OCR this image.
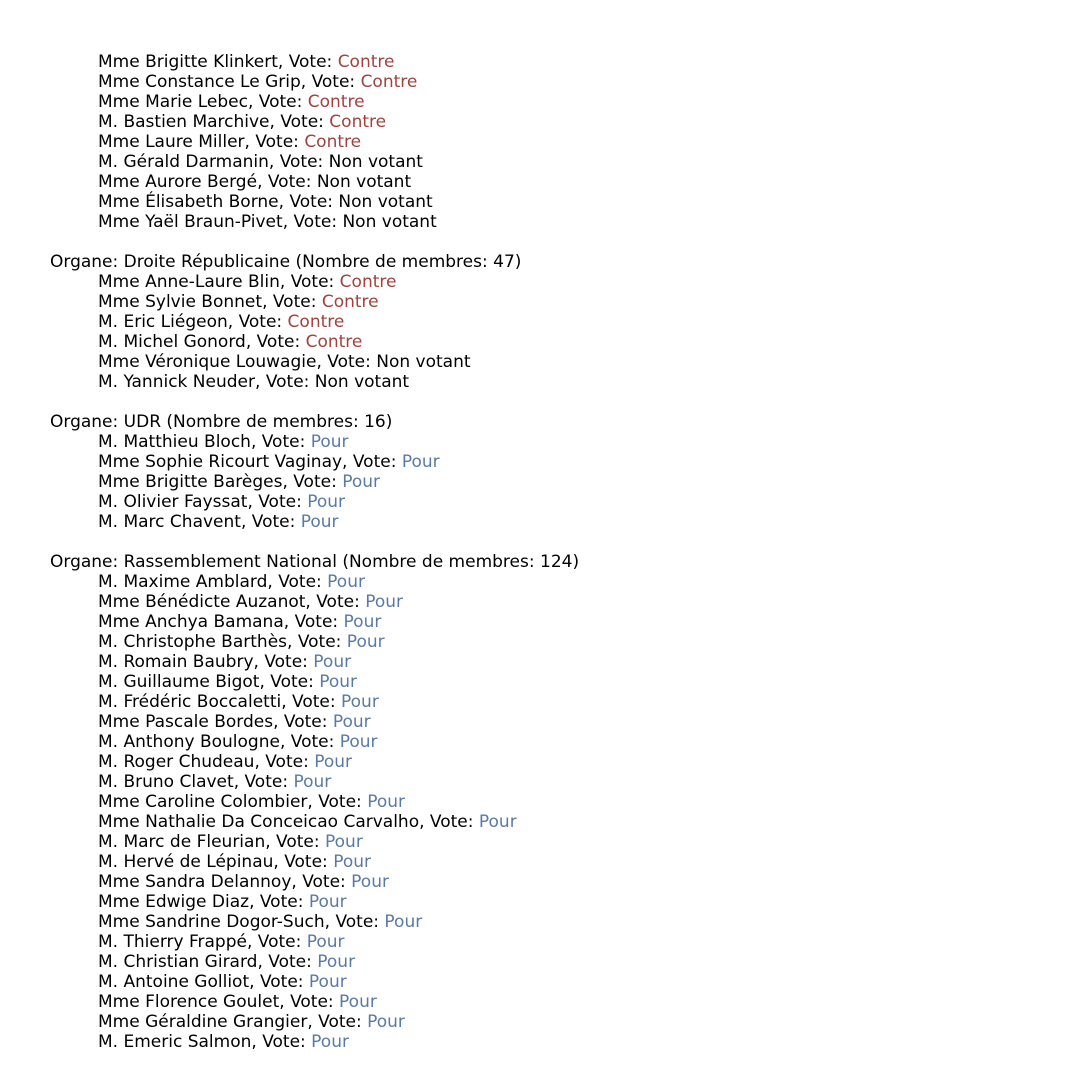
Mme Brigitte Klinkert, Vote: Contre
Mme Constance Le Grip, Vote: Contre
Mme Marie Lebec, Vote: Contre
M. Bastien Marchive, Vote: Contre
Mme Laure Miller, Vote: Contre
M. Gérald Darmanin, Vote: Non votant
Mme Aurore Bergé, Vote: Non votant
Mme Élisabeth Borne, Vote: Non votant
Mme Yaël Braun-Pivet, Vote: Non votant
Organe: Droite Républicaine (Nombre de membres: 47)
Mme Anne-Laure Blin, Vote: Contre
Mme Sylvie Bonnet, Vote: Contre
M. Eric Liégeon, Vote: Contre
M. Michel Gonord, Vote: Contre
Mme Véronique Louwagie, Vote: Non votant
M. Yannick Neuder, Vote: Non votant
Organe: UDR (Nombre de membres: 16)
M. Matthieu Bloch, Vote: Pour
Mme Sophie Ricourt Vaginay, Vote: Pour
Mme Brigitte Barèges, Vote: Pour
M. Olivier Fayssat, Vote: Pour
M. Marc Chavent, Vote: Pour
Organe: Rassemblement National (Nombre de membres: 124)
M. Maxime Amblard, Vote: Pour
Mme Bénédicte Auzanot, Vote: Pour
Mme Anchya Bamana, Vote: Pour
M. Christophe Barthès, Vote: Pour
M. Romain Baubry, Vote: Pour
M. Guillaume Bigot, Vote: Pour
M. Frédéric Boccaletti, Vote: Pour
Mme Pascale Bordes, Vote: Pour
M. Anthony Boulogne, Vote: Pour
M. Roger Chudeau, Vote: Pour
M. Bruno Clavet, Vote: Pour
Mme Caroline Colombier, Vote: Pour
Mme Nathalie Da Conceicao Carvalho, Vote: Pour
M. Marc de Fleurian, Vote: Pour
M. Hervé de Lépinau, Vote: Pour
Mme Sandra Delannoy, Vote: Pour
Mme Edwige Diaz, Vote: Pour
Mme Sandrine Dogor-Such, Vote: Pour
M. Thierry Frappé, Vote: Pour
M. Christian Girard, Vote: Pour
M. Antoine Golliot, Vote: Pour
Mme Florence Goulet, Vote: Pour
Mme Géraldine Grangier, Vote: Pour
M. Emeric Salmon, Vote: Pour
